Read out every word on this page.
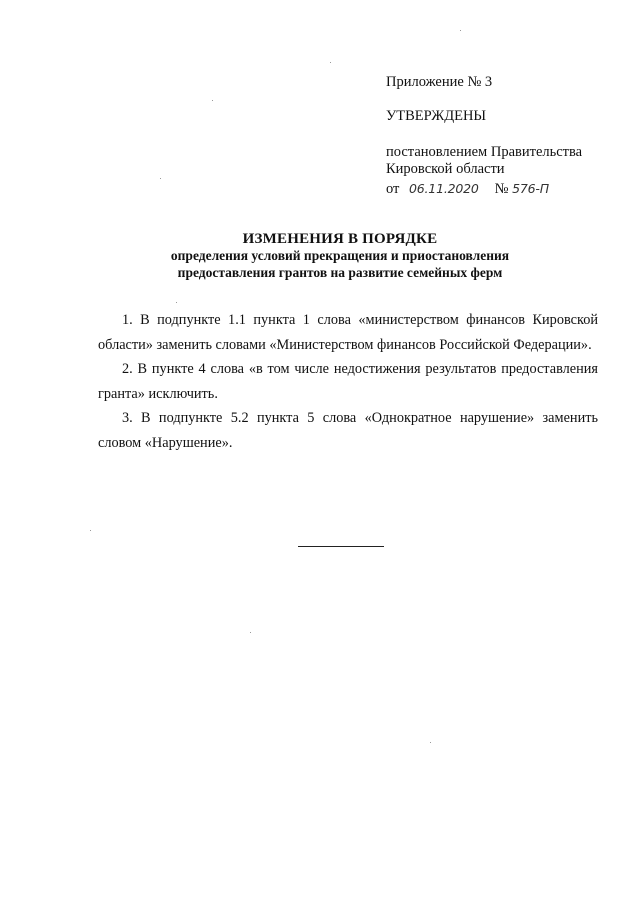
Приложение № 3
УТВЕРЖДЕНЫ
постановлением Правительства
Кировской области
от 06.11.2020 № 576-П
ИЗМЕНЕНИЯ В ПОРЯДКЕ
определения условий прекращения и приостановления
предоставления грантов на развитие семейных ферм

1. В подпункте 1.1 пункта 1 слова «министерством финансов Кировской области» заменить словами «Министерством финансов Российской Федерации».

2. В пункте 4 слова «в том числе недостижения результатов предоставления гранта» исключить.

3. В подпункте 5.2 пункта 5 слова «Однократное нарушение» заменить словом «Нарушение».
